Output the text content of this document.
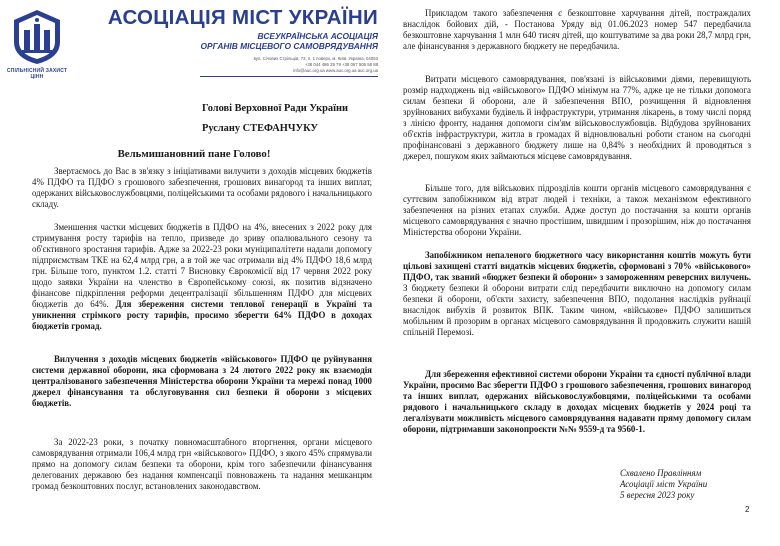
СПІЛЬНІСНИЙ ЗАХИСТ ЦІНН
АСОЦІАЦІЯ МІСТ УКРАЇНИ
ВСЕУКРАЇНСЬКА АСОЦІАЦІЯ
ОРГАНІВ МІСЦЕВОГО САМОВРЯДУВАННЯ
вул. Січових Стрільців, 73, п. 1 поверх, м. Київ, Україна, 04053
+38 044 486 29 79 +38 067 505 58 88
info@auc.org.ua www.auc.org.ua auc.org.ua
Голові Верховної Ради України
Руслану СТЕФАНЧУКУ
Вельмишановний пане Голово!

Звертаємось до Вас в зв'язку з ініціативами вилучити з доходів місцевих бюджетів 4% ПДФО та ПДФО з грошового забезпечення, грошових винагород та інших виплат, одержаних військовослужбовцями, поліцейськими та особами рядового і начальницького складу.

Зменшення частки місцевих бюджетів в ПДФО на 4%, внесених з 2022 року для стримування росту тарифів на тепло, призведе до зриву опалювального сезону та об'єктивного зростання тарифів. Адже за 2022-23 роки муніципалітети надали допомогу підприємствам ТКЕ на 62,4 млрд грн, а в той же час отримали від 4% ПДФО 18,6 млрд грн. Більше того, пунктом 1.2. статті 7 Висновку Єврокомісії від 17 червня 2022 року щодо заявки України на членство в Європейському союзі, як позитив відзначено фінансове підкріплення реформи децентралізації збільшенням ПДФО для місцевих бюджетів до 64%. Для збереження системи теплової генерації в Україні та уникнення стрімкого росту тарифів, просимо зберегти 64% ПДФО в доходах бюджетів громад.

Вилучення з доходів місцевих бюджетів «військового» ПДФО це руйнування системи державної оборони, яка сформована з 24 лютого 2022 року як взаємодія централізованого забезпечення Міністерства оборони України та мережі понад 1000 джерел фінансування та обслуговування сил безпеки й оборони з місцевих бюджетів.

За 2022-23 роки, з початку повномасштабного вторгнення, органи місцевого самоврядування отримали 106,4 млрд грн «військового» ПДФО, з якого 45% спрямували прямо на допомогу силам безпеки та оборони, крім того забезпечили фінансування делегованих державою без надання компенсації повноважень та надання мешканцям громад безкоштовних послуг, встановлених законодавством.

Прикладом такого забезпечення є безкоштовне харчування дітей, постраждалих внаслідок бойових дій, - Постанова Уряду від 01.06.2023 номер 547 передбачила безкоштовне харчування 1 млн 640 тисяч дітей, що коштуватиме за два роки 28,7 млрд грн, але фінансування з державного бюджету не передбачила.

Витрати місцевого самоврядування, пов'язані із військовими діями, перевищують розмір надходжень від «військового» ПДФО мінімум на 77%, адже це не тільки допомога силам безпеки й оборони, але й забезпечення ВПО, розчищення й відновлення зруйнованих вибухами будівель й інфраструктури, утримання лікарень, в тому числі поряд з лінією фронту, надання допомоги сім'ям військовослужбовців. Відбудова зруйнованих об'єктів інфраструктури, житла в громадах й відновлювальні роботи станом на сьогодні профінансовані з державного бюджету лише на 0,84% з необхідних й проводяться з джерел, пошуком яких займаються місцеве самоврядування.

Більше того, для військових підрозділів кошти органів місцевого самоврядування є суттєвим запобіжником від втрат людей і техніки, а також механізмом ефективного забезпечення на різних етапах служби. Адже доступ до постачання за кошти органів місцевого самоврядування є значно простішим, швидшим і прозорішим, ніж до постачання Міністерства оборони України.

Запобіжником непаленого бюджетного часу використання коштів можуть бути цільові захищені статті видатків місцевих бюджетів, сформовані з 70% «військового» ПДФО, так званий «бюджет безпеки й оборони» з замороженням реверсних вилучень. З бюджету безпеки й оборони витрати слід передбачити виключно на допомогу силам безпеки й оборони, об'єкти захисту, забезпечення ВПО, подолання наслідків руйнації внаслідок вибухів й розвиток ВПК. Таким чином, «військове» ПДФО залишиться мобільним й прозорим в органах місцевого самоврядування й продовжить служити нашій спільній Перемозі.

Для збереження ефективної системи оборони України та єдності публічної влади України, просимо Вас зберегти ПДФО з грошового забезпечення, грошових винагород та інших виплат, одержаних військовослужбовцями, поліцейськими та особами рядового і начальницького складу в доходах місцевих бюджетів у 2024 році та легалізувати можливість місцевого самоврядування надавати пряму допомогу силам оборони, підтримавши законопроєкти №№ 9559-д та 9560-1.

Схвалено Правлінням
Асоціації міст України
5 вересня 2023 року
2
